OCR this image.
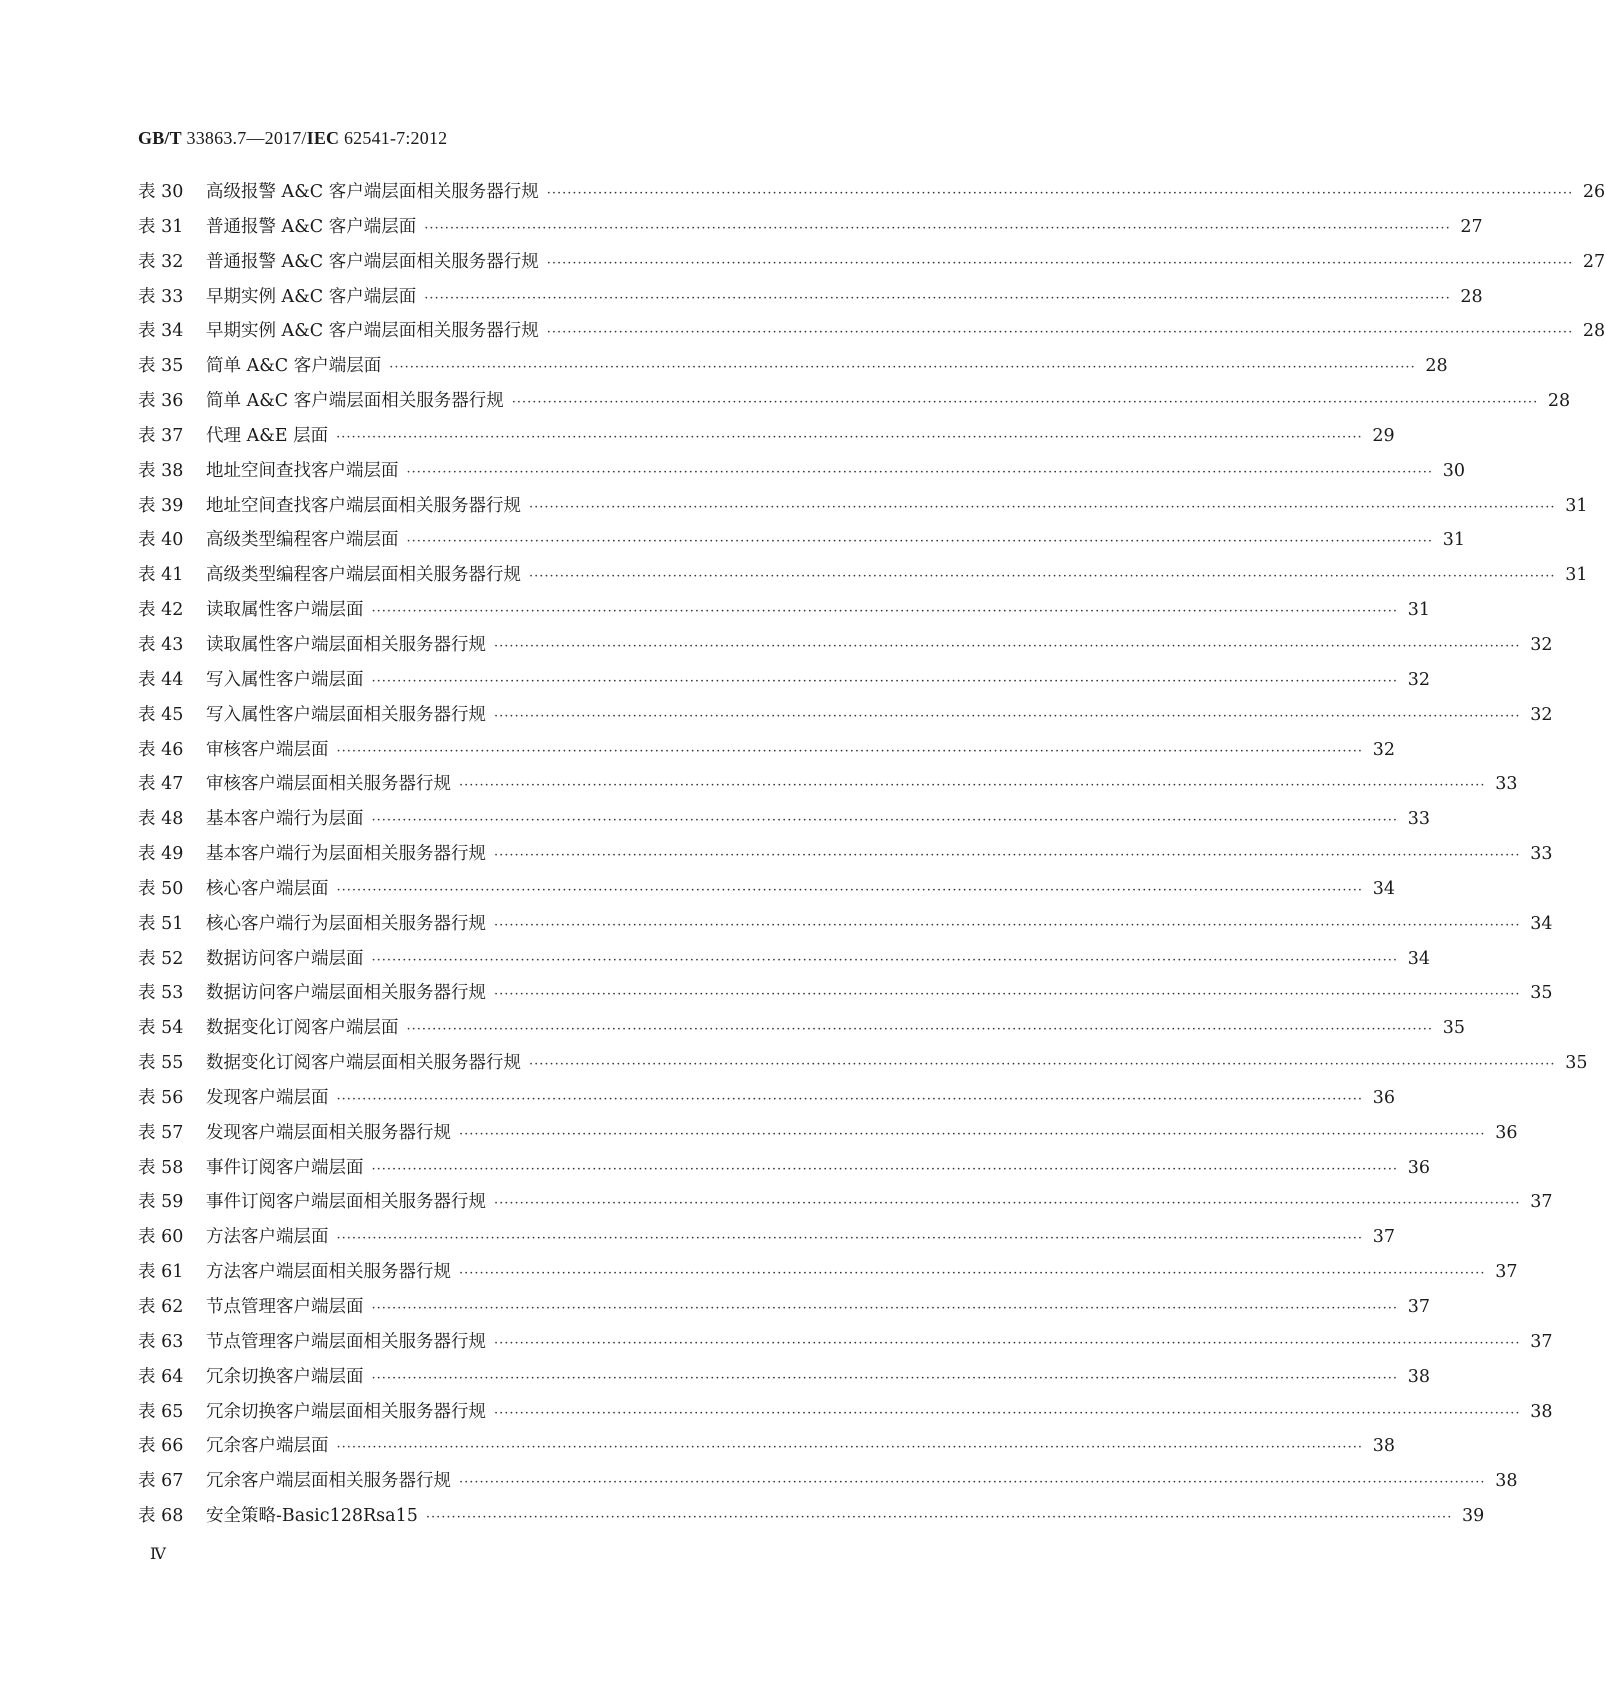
GB/T 33863.7—2017/IEC 62541-7:2012
表 30	高级报警 A&C 客户端层面相关服务器行规 ········································································································································································································ 26
表 31	普通报警 A&C 客户端层面 ········································································································································································································ 27
表 32	普通报警 A&C 客户端层面相关服务器行规 ········································································································································································································ 27
表 33	早期实例 A&C 客户端层面 ········································································································································································································ 28
表 34	早期实例 A&C 客户端层面相关服务器行规 ········································································································································································································ 28
表 35	简单 A&C 客户端层面 ········································································································································································································ 28
表 36	简单 A&C 客户端层面相关服务器行规 ········································································································································································································ 28
表 37	代理 A&E 层面 ········································································································································································································ 29
表 38	地址空间查找客户端层面 ········································································································································································································ 30
表 39	地址空间查找客户端层面相关服务器行规 ········································································································································································································ 31
表 40	高级类型编程客户端层面 ········································································································································································································ 31
表 41	高级类型编程客户端层面相关服务器行规 ········································································································································································································ 31
表 42	读取属性客户端层面 ········································································································································································································ 31
表 43	读取属性客户端层面相关服务器行规 ········································································································································································································ 32
表 44	写入属性客户端层面 ········································································································································································································ 32
表 45	写入属性客户端层面相关服务器行规 ········································································································································································································ 32
表 46	审核客户端层面 ········································································································································································································ 32
表 47	审核客户端层面相关服务器行规 ········································································································································································································ 33
表 48	基本客户端行为层面 ········································································································································································································ 33
表 49	基本客户端行为层面相关服务器行规 ········································································································································································································ 33
表 50	核心客户端层面 ········································································································································································································ 34
表 51	核心客户端行为层面相关服务器行规 ········································································································································································································ 34
表 52	数据访问客户端层面 ········································································································································································································ 34
表 53	数据访问客户端层面相关服务器行规 ········································································································································································································ 35
表 54	数据变化订阅客户端层面 ········································································································································································································ 35
表 55	数据变化订阅客户端层面相关服务器行规 ········································································································································································································ 35
表 56	发现客户端层面 ········································································································································································································ 36
表 57	发现客户端层面相关服务器行规 ········································································································································································································ 36
表 58	事件订阅客户端层面 ········································································································································································································ 36
表 59	事件订阅客户端层面相关服务器行规 ········································································································································································································ 37
表 60	方法客户端层面 ········································································································································································································ 37
表 61	方法客户端层面相关服务器行规 ········································································································································································································ 37
表 62	节点管理客户端层面 ········································································································································································································ 37
表 63	节点管理客户端层面相关服务器行规 ········································································································································································································ 37
表 64	冗余切换客户端层面 ········································································································································································································ 38
表 65	冗余切换客户端层面相关服务器行规 ········································································································································································································ 38
表 66	冗余客户端层面 ········································································································································································································ 38
表 67	冗余客户端层面相关服务器行规 ········································································································································································································ 38
表 68	安全策略-Basic128Rsa15 ········································································································································································································ 39
Ⅳ
